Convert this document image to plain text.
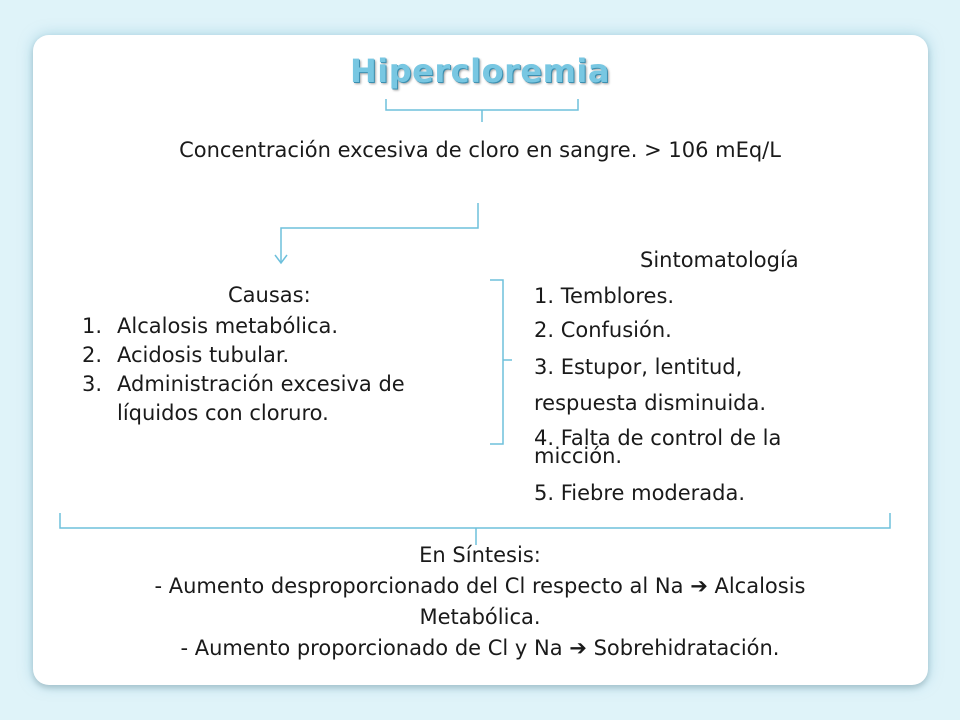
Hipercloremia
Concentración excesiva de cloro en sangre. > 106 mEq/L
Causas:
1. Alcalosis metabólica.
2. Acidosis tubular.
3. Administración excesiva de líquidos con cloruro.
Sintomatología
1. Temblores.
2. Confusión.
3. Estupor, lentitud,
respuesta disminuida.
4. Falta de control de la
micción.
5. Fiebre moderada.
En Síntesis:
- Aumento desproporcionado del Cl respecto al Na ➔ Alcalosis
Metabólica.
- Aumento proporcionado de Cl y Na ➔ Sobrehidratación.
